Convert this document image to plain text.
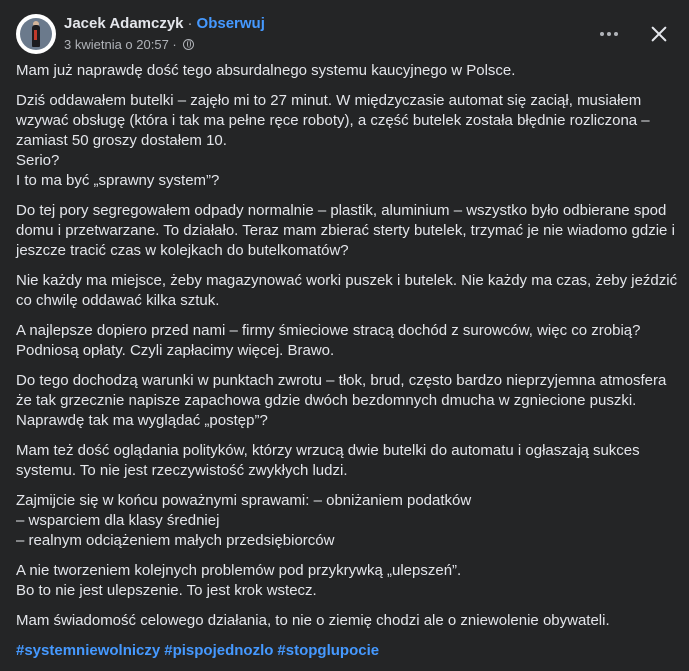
Jacek Adamczyk · Obserwuj
3 kwietnia o 20:57 ·
Mam już naprawdę dość tego absurdalnego systemu kaucyjnego w Polsce.
Dziś oddawałem butelki – zajęło mi to 27 minut. W międzyczasie automat się zaciął, musiałem
wzywać obsługę (która i tak ma pełne ręce roboty), a część butelek została błędnie rozliczona –
zamiast 50 groszy dostałem 10.
Serio?
I to ma być „sprawny system”?
Do tej pory segregowałem odpady normalnie – plastik, aluminium – wszystko było odbierane spod
domu i przetwarzane. To działało. Teraz mam zbierać sterty butelek, trzymać je nie wiadomo gdzie i
jeszcze tracić czas w kolejkach do butelkomatów?
Nie każdy ma miejsce, żeby magazynować worki puszek i butelek. Nie każdy ma czas, żeby jeździć
co chwilę oddawać kilka sztuk.
A najlepsze dopiero przed nami – firmy śmieciowe stracą dochód z surowców, więc co zrobią?
Podniosą opłaty. Czyli zapłacimy więcej. Brawo.
Do tego dochodzą warunki w punktach zwrotu – tłok, brud, często bardzo nieprzyjemna atmosfera
że tak grzecznie napisze zapachowa gdzie dwóch bezdomnych dmucha w zgniecione puszki.
Naprawdę tak ma wyglądać „postęp”?
Mam też dość oglądania polityków, którzy wrzucą dwie butelki do automatu i ogłaszają sukces
systemu. To nie jest rzeczywistość zwykłych ludzi.
Zajmijcie się w końcu poważnymi sprawami: – obniżaniem podatków
– wsparciem dla klasy średniej
– realnym odciążeniem małych przedsiębiorców
A nie tworzeniem kolejnych problemów pod przykrywką „ulepszeń”.
Bo to nie jest ulepszenie. To jest krok wstecz.
Mam świadomość celowego działania, to nie o ziemię chodzi ale o zniewolenie obywateli.
#systemniewolniczy #pispojednozlo #stopglupocie
